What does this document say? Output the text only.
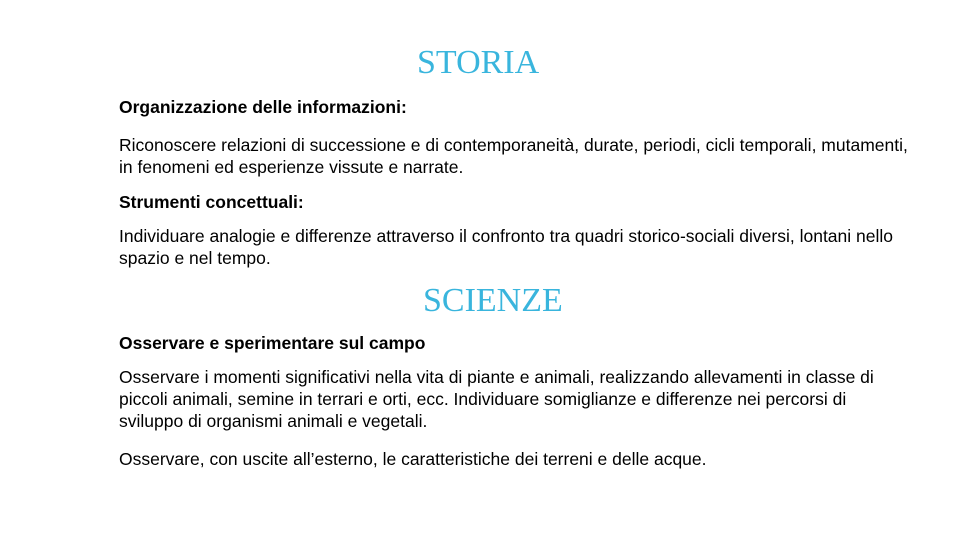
STORIA

Organizzazione delle informazioni:

Riconoscere relazioni di successione e di contemporaneità, durate, periodi, cicli temporali, mutamenti, in fenomeni ed esperienze vissute e narrate.

Strumenti concettuali:

Individuare analogie e differenze attraverso il confronto tra quadri storico-sociali diversi, lontani nello spazio e nel tempo.

SCIENZE

Osservare e sperimentare sul campo

Osservare i momenti significativi nella vita di piante e animali, realizzando allevamenti in classe di piccoli animali, semine in terrari e orti, ecc. Individuare somiglianze e differenze nei percorsi di sviluppo di organismi animali e vegetali.

Osservare, con uscite all’esterno, le caratteristiche dei terreni e delle acque.
